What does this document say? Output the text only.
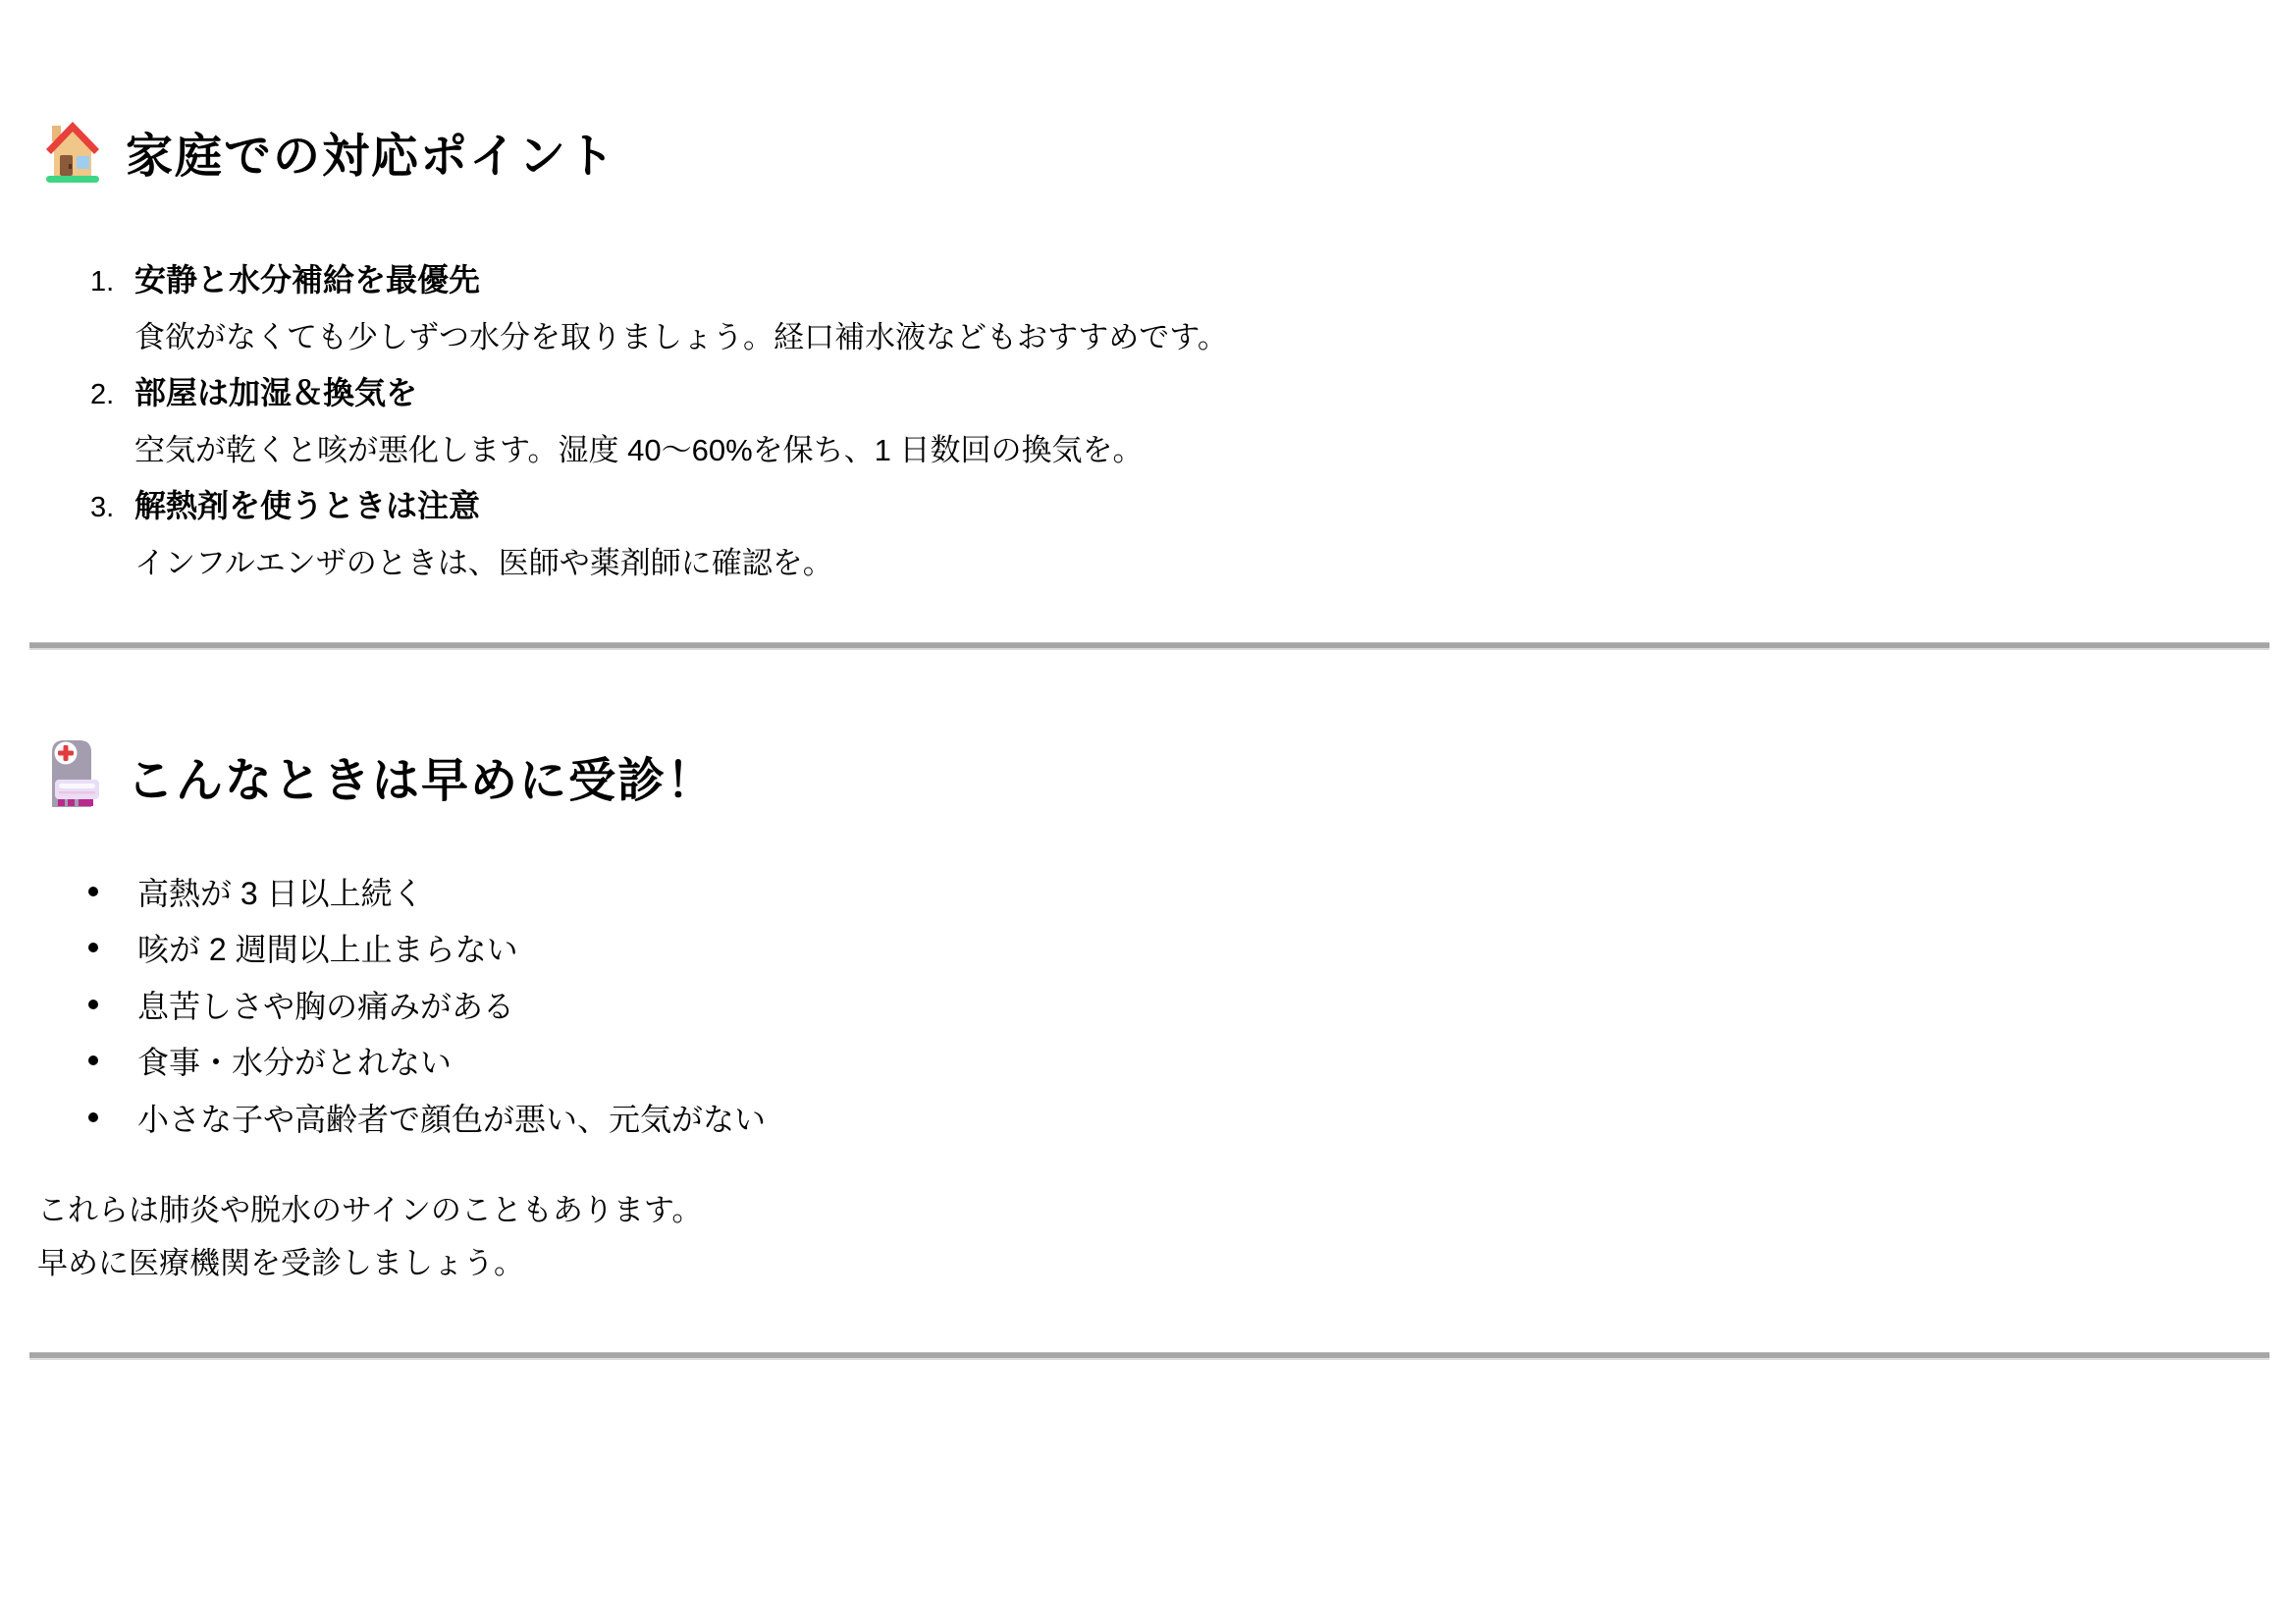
家庭での対応ポイント
1. 安静と水分補給を最優先
食欲がなくても少しずつ水分を取りましょう。経口補水液などもおすすめです。
2. 部屋は加湿＆換気を
空気が乾くと咳が悪化します。湿度 40～60%を保ち、1 日数回の換気を。
3. 解熱剤を使うときは注意
インフルエンザのときは、医師や薬剤師に確認を。
こんなときは早めに受診！
高熱が 3 日以上続く
咳が 2 週間以上止まらない
息苦しさや胸の痛みがある
食事・水分がとれない
小さな子や高齢者で顔色が悪い、元気がない
これらは肺炎や脱水のサインのこともあります。
早めに医療機関を受診しましょう。
